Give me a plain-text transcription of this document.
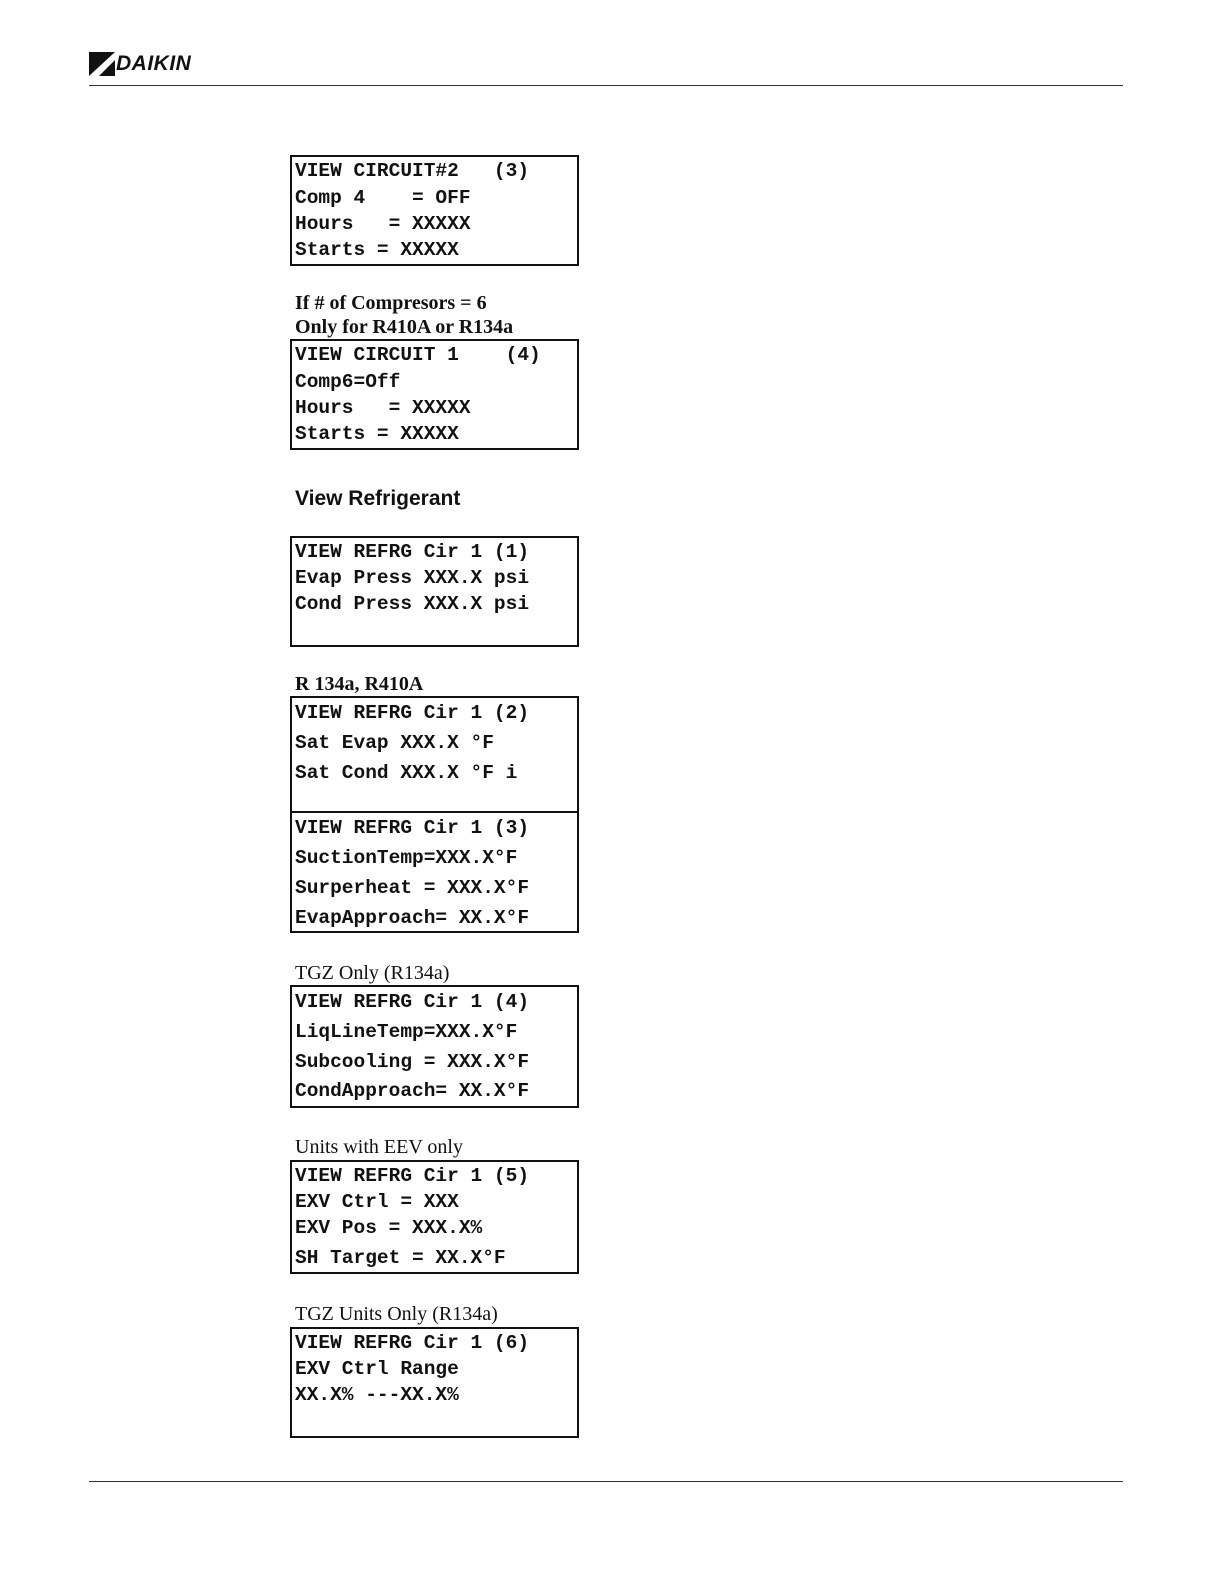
DAIKIN
VIEW CIRCUIT#2   (3)
Comp 4    = OFF
Hours   = XXXXX
Starts = XXXXX
If # of Compresors = 6
Only for R410A or R134a
VIEW CIRCUIT 1    (4)
Comp6=Off
Hours   = XXXXX
Starts = XXXXX
View Refrigerant
VIEW REFRG Cir 1 (1)
Evap Press XXX.X psi
Cond Press XXX.X psi
R 134a, R410A
VIEW REFRG Cir 1 (2)
Sat Evap XXX.X °F
Sat Cond XXX.X °F i
VIEW REFRG Cir 1 (3)
SuctionTemp=XXX.X°F
Surperheat = XXX.X°F
EvapApproach= XX.X°F
TGZ Only (R134a)
VIEW REFRG Cir 1 (4)
LiqLineTemp=XXX.X°F
Subcooling = XXX.X°F
CondApproach= XX.X°F
Units with EEV only
VIEW REFRG Cir 1 (5)
EXV Ctrl = XXX
EXV Pos = XXX.X%
SH Target = XX.X°F
TGZ Units Only (R134a)
VIEW REFRG Cir 1 (6)
EXV Ctrl Range
XX.X% ---XX.X%
